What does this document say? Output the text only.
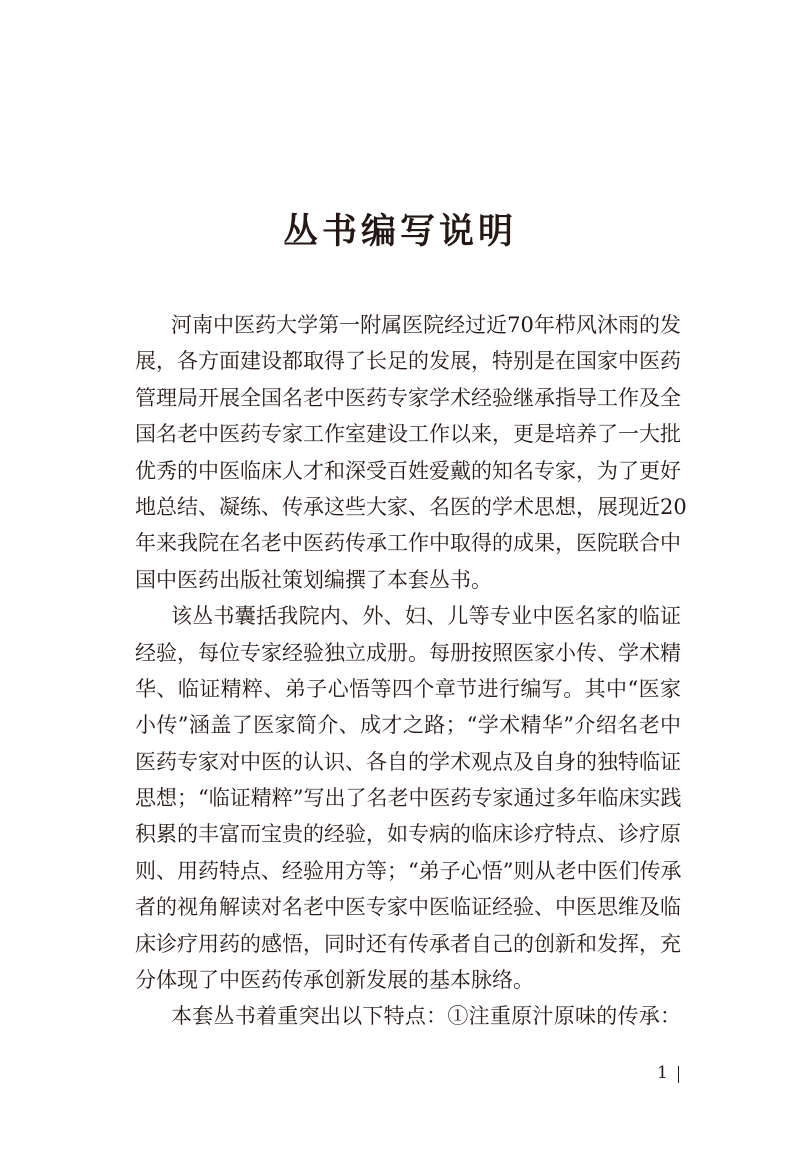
丛书编写说明
河南中医药大学第一附属医院经过近70年栉风沐雨的发
展，各方面建设都取得了长足的发展，特别是在国家中医药
管理局开展全国名老中医药专家学术经验继承指导工作及全
国名老中医药专家工作室建设工作以来，更是培养了一大批
优秀的中医临床人才和深受百姓爱戴的知名专家，为了更好
地总结、凝练、传承这些大家、名医的学术思想，展现近20
年来我院在名老中医药传承工作中取得的成果，医院联合中
国中医药出版社策划编撰了本套丛书。
该丛书囊括我院内、外、妇、儿等专业中医名家的临证
经验，每位专家经验独立成册。每册按照医家小传、学术精
华、临证精粹、弟子心悟等四个章节进行编写。其中“医家
小传”涵盖了医家简介、成才之路；“学术精华”介绍名老中
医药专家对中医的认识、各自的学术观点及自身的独特临证
思想；“临证精粹”写出了名老中医药专家通过多年临床实践
积累的丰富而宝贵的经验，如专病的临床诊疗特点、诊疗原
则、用药特点、经验用方等；“弟子心悟”则从老中医们传承
者的视角解读对名老中医专家中医临证经验、中医思维及临
床诊疗用药的感悟，同时还有传承者自己的创新和发挥，充
分体现了中医药传承创新发展的基本脉络。
本套丛书着重突出以下特点：①注重原汁原味的传承：
1
